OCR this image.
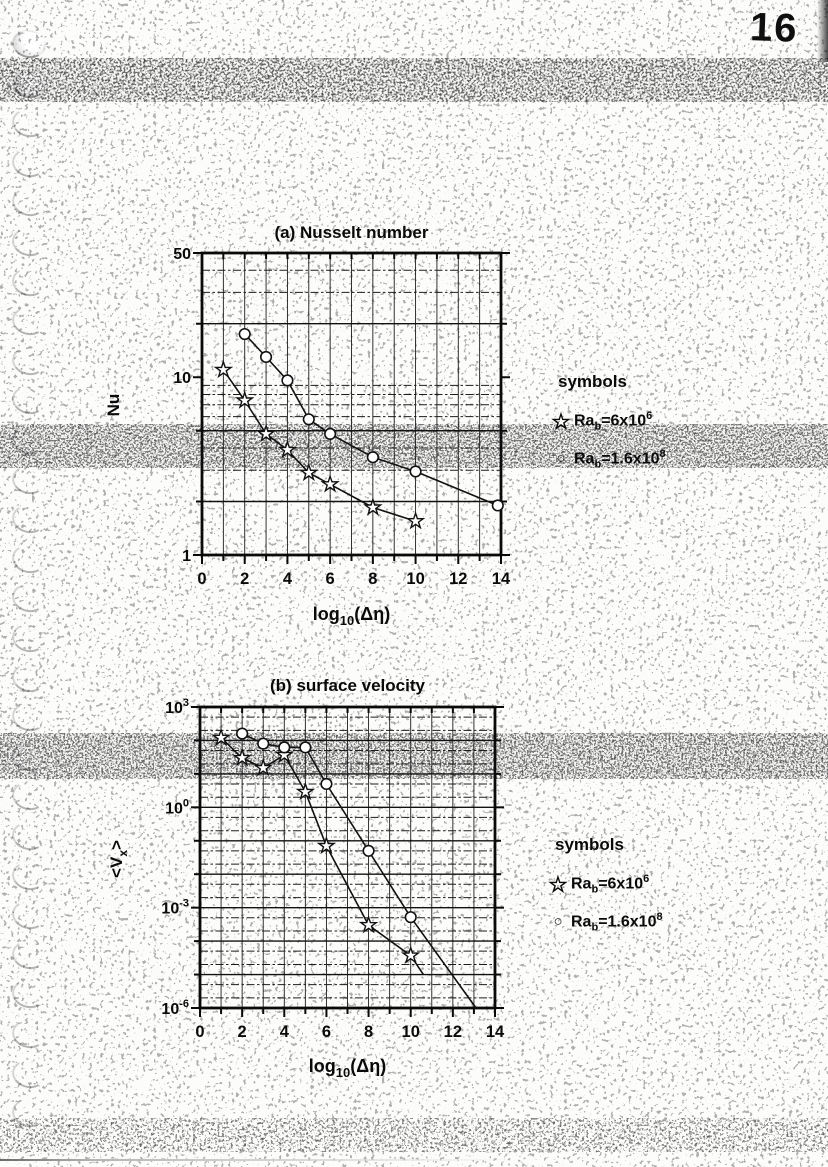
16
(a) Nusselt number
0 2 4 6 8 10 12 14
50
10
1
$\log_{10}(\Delta\eta)$
Nu
symbols
☆ $Ra_b=6x10^6$
○ $Ra_b=1.6x10^8$
(b) surface velocity
0 2 4 6 8 10 12 14
$10^3$
$10^0$
$10^{-3}$
$10^{-6}$
$\log_{10}(\Delta\eta)$
$<V_x>$	symbols
☆ $Ra_b=6x10^6$
○ $Ra_b=1.6x10^8$
